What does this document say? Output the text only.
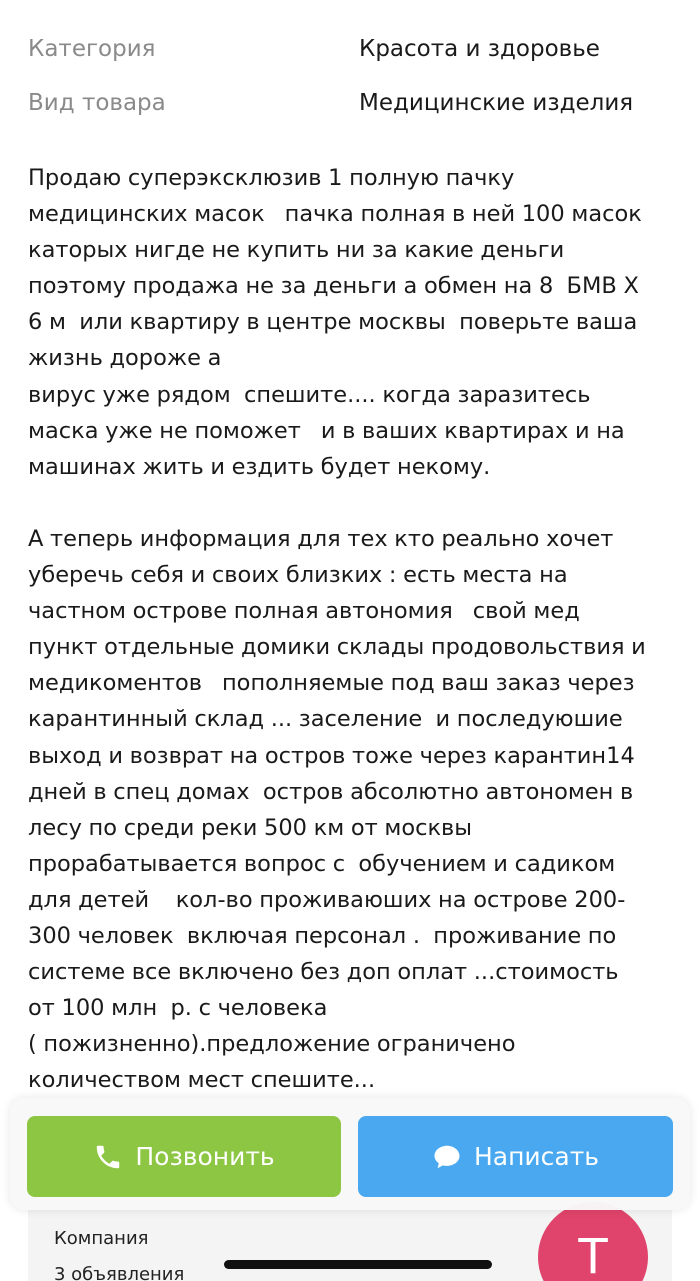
Категория	Красота и здоровье
Вид товара	Медицинские изделия
Продаю суперэксклюзив 1 полную пачку
медицинских масок   пачка полная в ней 100 масок
каторых нигде не купить ни за какие деньги
поэтому продажа не за деньги а обмен на 8  БМВ Х
6 м  или квартиру в центре москвы  поверьте ваша
жизнь дороже а
вирус уже рядом  спешите.... когда заразитесь
маска уже не поможет   и в ваших квартирах и на
машинах жить и ездить будет некому.

А теперь информация для тех кто реально хочет
уберечь себя и своих близких : есть места на
частном острове полная автономия   свой мед
пункт отдельные домики склады продовольствия и
медикоментов   пополняемые под ваш заказ через
карантинный склад ... заселение  и последуюшие
выход и возврат на остров тоже через карантин14
дней в спец домах  остров абсолютно автономен в
лесу по среди реки 500 км от москвы
прорабатывается вопрос с  обучением и садиком
для детей    кол-во проживаюших на острове 200-
300 человек  включая персонал .  проживание по
системе все включено без доп оплат ...стоимость
от 100 млн  р. с человека
( пожизненно).предложение ограничено
количеством мест спешите...
Компания
3 объявления	Т
Позвонить	Написать
